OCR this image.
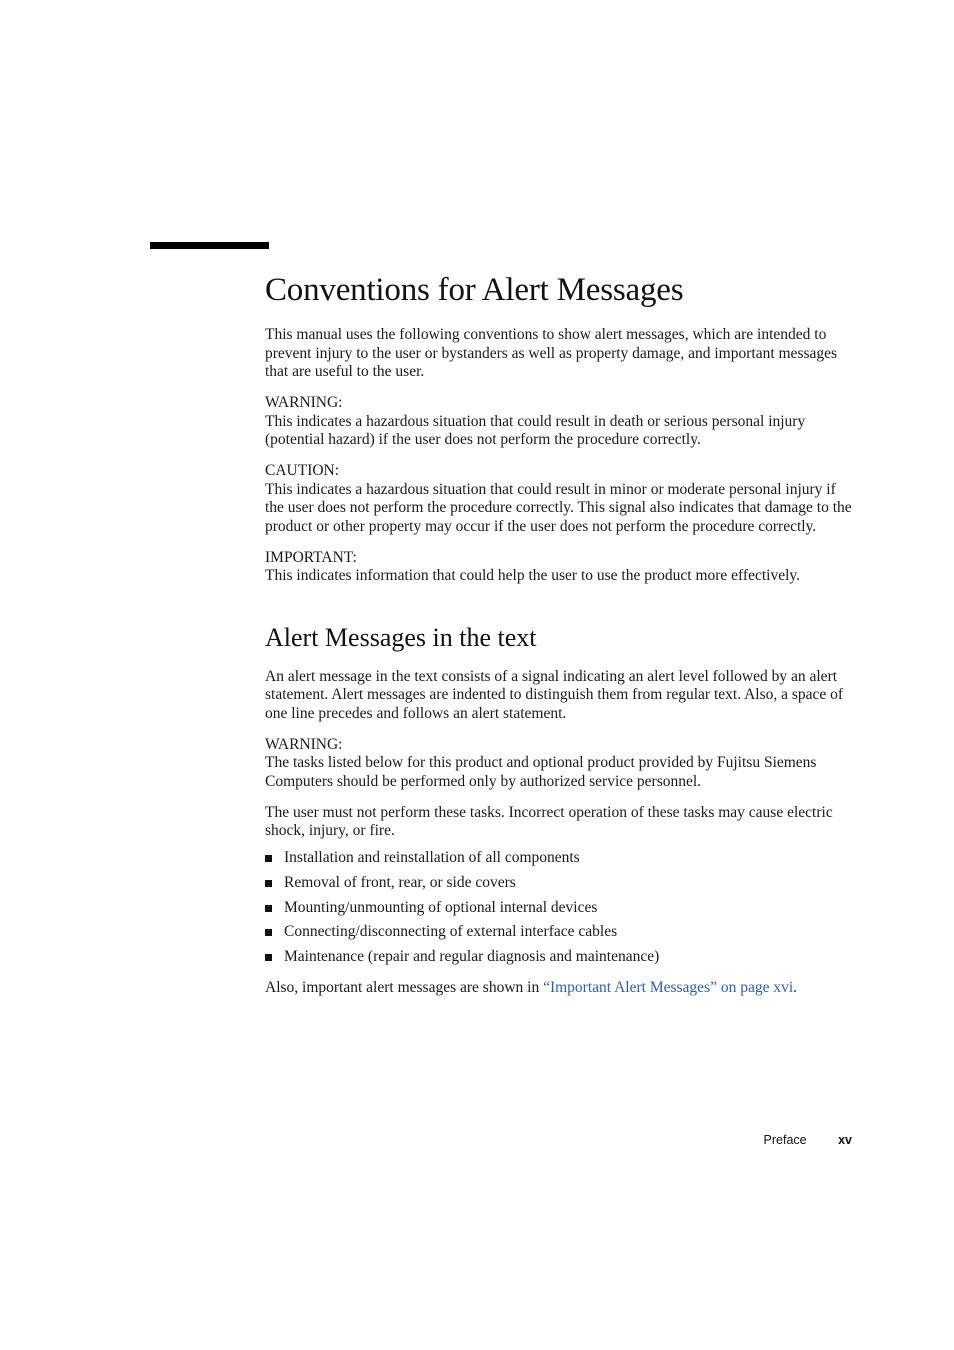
Conventions for Alert Messages

This manual uses the following conventions to show alert messages, which are intended to prevent injury to the user or bystanders as well as property damage, and important messages that are useful to the user.

WARNING:
This indicates a hazardous situation that could result in death or serious personal injury (potential hazard) if the user does not perform the procedure correctly.
CAUTION:
This indicates a hazardous situation that could result in minor or moderate personal injury if the user does not perform the procedure correctly. This signal also indicates that damage to the product or other property may occur if the user does not perform the procedure correctly.
IMPORTANT:
This indicates information that could help the user to use the product more effectively.
Alert Messages in the text

An alert message in the text consists of a signal indicating an alert level followed by an alert statement. Alert messages are indented to distinguish them from regular text. Also, a space of one line precedes and follows an alert statement.

WARNING:
The tasks listed below for this product and optional product provided by Fujitsu Siemens Computers should be performed only by authorized service personnel.

The user must not perform these tasks. Incorrect operation of these tasks may cause electric shock, injury, or fire.

Installation and reinstallation of all components
Removal of front, rear, or side covers
Mounting/unmounting of optional internal devices
Connecting/disconnecting of external interface cables
Maintenance (repair and regular diagnosis and maintenance)

Also, important alert messages are shown in “Important Alert Messages” on page xvi.

Preface	xv
